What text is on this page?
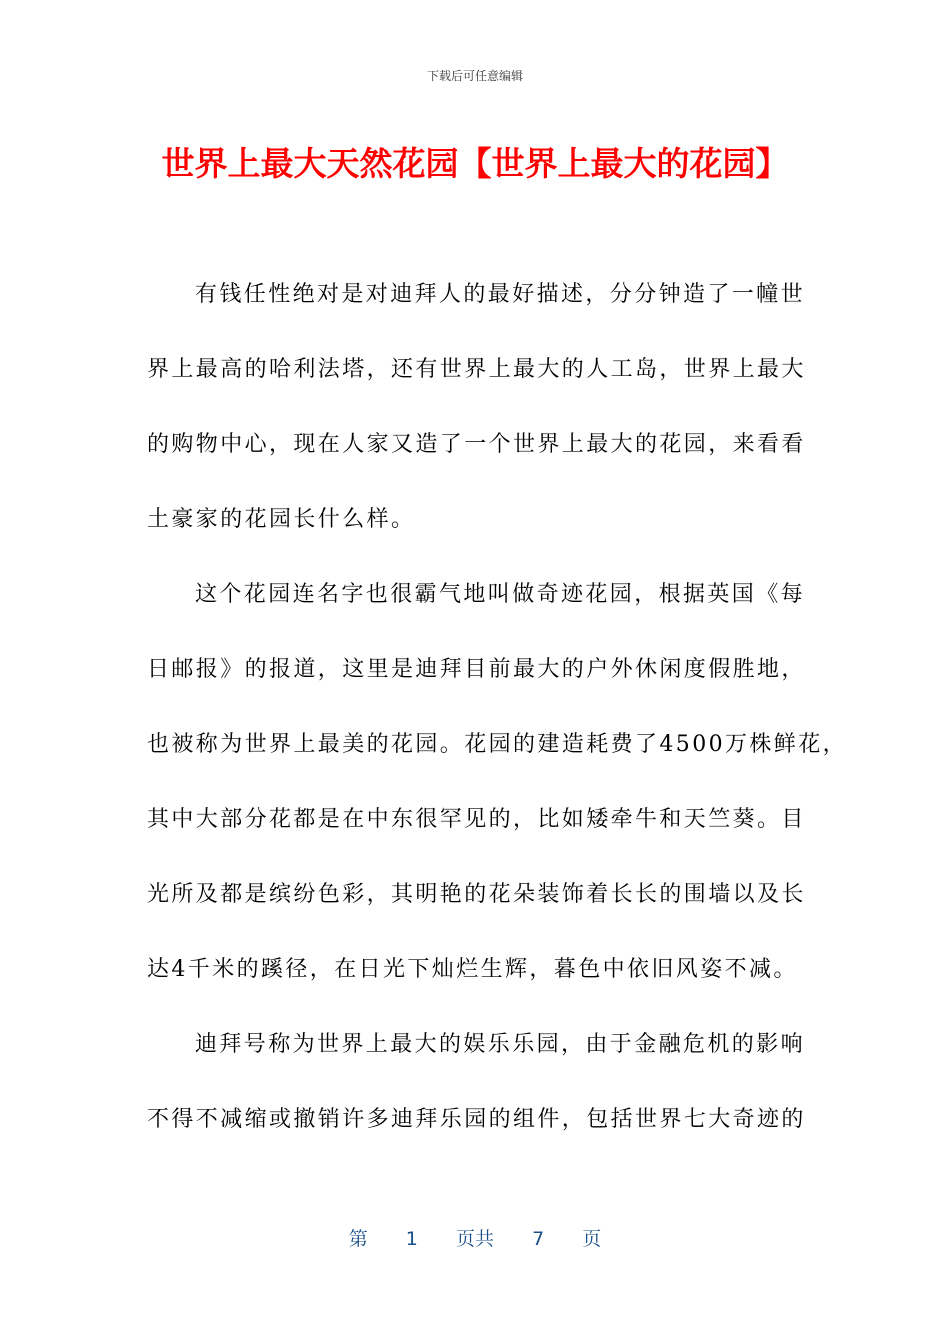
下载后可任意编辑
世界上最大天然花园【世界上最大的花园】
有钱任性绝对是对迪拜人的最好描述，分分钟造了一幢世
界上最高的哈利法塔，还有世界上最大的人工岛，世界上最大
的购物中心，现在人家又造了一个世界上最大的花园，来看看
土豪家的花园长什么样。
这个花园连名字也很霸气地叫做奇迹花园，根据英国《每
日邮报》的报道，这里是迪拜目前最大的户外休闲度假胜地，
也被称为世界上最美的花园。花园的建造耗费了4500万株鲜花，
其中大部分花都是在中东很罕见的，比如矮牵牛和天竺葵。目
光所及都是缤纷色彩，其明艳的花朵装饰着长长的围墙以及长
达4千米的蹊径，在日光下灿烂生辉，暮色中依旧风姿不减。
迪拜号称为世界上最大的娱乐乐园，由于金融危机的影响
不得不减缩或撤销许多迪拜乐园的组件，包括世界七大奇迹的
第 1 页共 7 页
